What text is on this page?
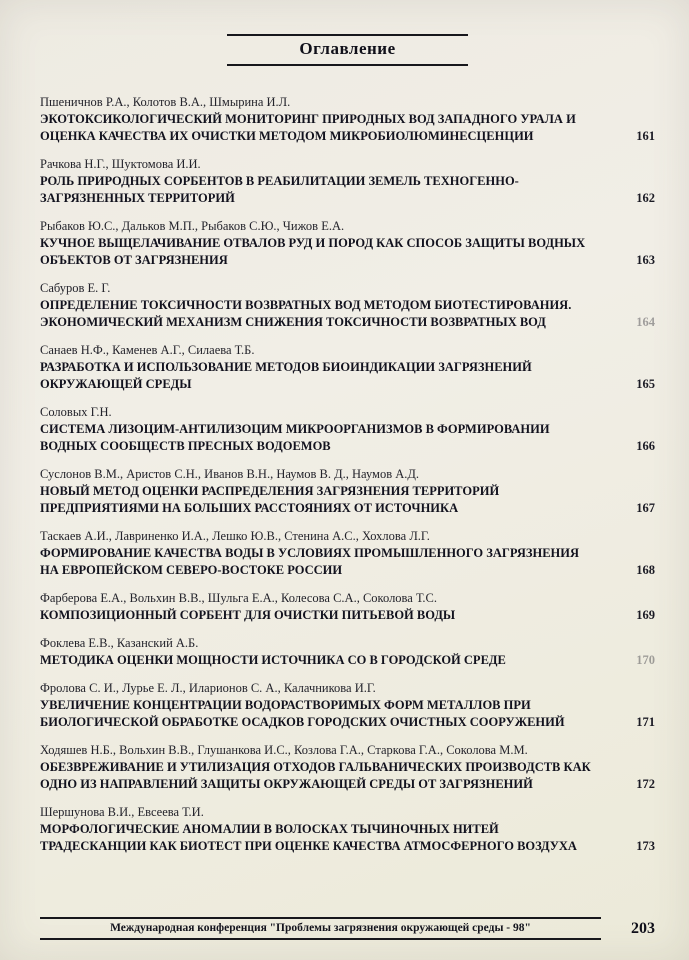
Оглавление
Пшеничнов Р.А., Колотов В.А., Шмырина И.Л.
ЭКОТОКСИКОЛОГИЧЕСКИЙ МОНИТОРИНГ ПРИРОДНЫХ ВОД ЗАПАДНОГО УРАЛА И ОЦЕНКА КАЧЕСТВА ИХ ОЧИСТКИ МЕТОДОМ МИКРОБИОЛЮМИНЕСЦЕНЦИИ	161
Рачкова Н.Г., Шуктомова И.И.
РОЛЬ ПРИРОДНЫХ СОРБЕНТОВ В РЕАБИЛИТАЦИИ ЗЕМЕЛЬ ТЕХНОГЕННО-ЗАГРЯЗНЕННЫХ ТЕРРИТОРИЙ	162
Рыбаков Ю.С., Дальков М.П., Рыбаков С.Ю., Чижов Е.А.
КУЧНОЕ ВЫЩЕЛАЧИВАНИЕ ОТВАЛОВ РУД И ПОРОД КАК СПОСОБ ЗАЩИТЫ ВОДНЫХ ОБЪЕКТОВ ОТ ЗАГРЯЗНЕНИЯ	163
Сабуров Е. Г.
ОПРЕДЕЛЕНИЕ ТОКСИЧНОСТИ ВОЗВРАТНЫХ ВОД МЕТОДОМ БИОТЕСТИРОВАНИЯ. ЭКОНОМИЧЕСКИЙ МЕХАНИЗМ СНИЖЕНИЯ ТОКСИЧНОСТИ ВОЗВРАТНЫХ ВОД	164
Санаев Н.Ф., Каменев А.Г., Силаева Т.Б.
РАЗРАБОТКА И ИСПОЛЬЗОВАНИЕ МЕТОДОВ БИОИНДИКАЦИИ ЗАГРЯЗНЕНИЙ ОКРУЖАЮЩЕЙ СРЕДЫ	165
Соловых Г.Н.
СИСТЕМА ЛИЗОЦИМ-АНТИЛИЗОЦИМ МИКРООРГАНИЗМОВ В ФОРМИРОВАНИИ ВОДНЫХ СООБЩЕСТВ ПРЕСНЫХ ВОДОЕМОВ	166
Суслонов В.М., Аристов С.Н., Иванов В.Н., Наумов В. Д., Наумов А.Д.
НОВЫЙ МЕТОД ОЦЕНКИ РАСПРЕДЕЛЕНИЯ ЗАГРЯЗНЕНИЯ ТЕРРИТОРИЙ ПРЕДПРИЯТИЯМИ НА БОЛЬШИХ РАССТОЯНИЯХ ОТ ИСТОЧНИКА	167
Таскаев А.И., Лавриненко И.А., Лешко Ю.В., Стенина А.С., Хохлова Л.Г.
ФОРМИРОВАНИЕ КАЧЕСТВА ВОДЫ В УСЛОВИЯХ ПРОМЫШЛЕННОГО ЗАГРЯЗНЕНИЯ НА ЕВРОПЕЙСКОМ СЕВЕРО-ВОСТОКЕ РОССИИ	168
Фарберова Е.А., Вольхин В.В., Шульга Е.А., Колесова С.А., Соколова Т.С.
КОМПОЗИЦИОННЫЙ СОРБЕНТ ДЛЯ ОЧИСТКИ ПИТЬЕВОЙ ВОДЫ	169
Фоклева Е.В., Казанский А.Б.
МЕТОДИКА ОЦЕНКИ МОЩНОСТИ ИСТОЧНИКА СО В ГОРОДСКОЙ СРЕДЕ	170
Фролова С. И., Лурье Е. Л., Иларионов С. А., Калачникова И.Г.
УВЕЛИЧЕНИЕ КОНЦЕНТРАЦИИ ВОДОРАСТВОРИМЫХ ФОРМ МЕТАЛЛОВ ПРИ БИОЛОГИЧЕСКОЙ ОБРАБОТКЕ ОСАДКОВ ГОРОДСКИХ ОЧИСТНЫХ СООРУЖЕНИЙ	171
Ходяшев Н.Б., Вольхин В.В., Глушанкова И.С., Козлова Г.А., Старкова Г.А., Соколова М.М.
ОБЕЗВРЕЖИВАНИЕ И УТИЛИЗАЦИЯ ОТХОДОВ ГАЛЬВАНИЧЕСКИХ ПРОИЗВОДСТВ КАК ОДНО ИЗ НАПРАВЛЕНИЙ ЗАЩИТЫ ОКРУЖАЮЩЕЙ СРЕДЫ ОТ ЗАГРЯЗНЕНИЙ	172
Шершунова В.И., Евсеева Т.И.
МОРФОЛОГИЧЕСКИЕ АНОМАЛИИ В ВОЛОСКАХ ТЫЧИНОЧНЫХ НИТЕЙ ТРАДЕСКАНЦИИ КАК БИОТЕСТ ПРИ ОЦЕНКЕ КАЧЕСТВА АТМОСФЕРНОГО ВОЗДУХА	173
Международная конференция "Проблемы загрязнения окружающей среды - 98"	203
